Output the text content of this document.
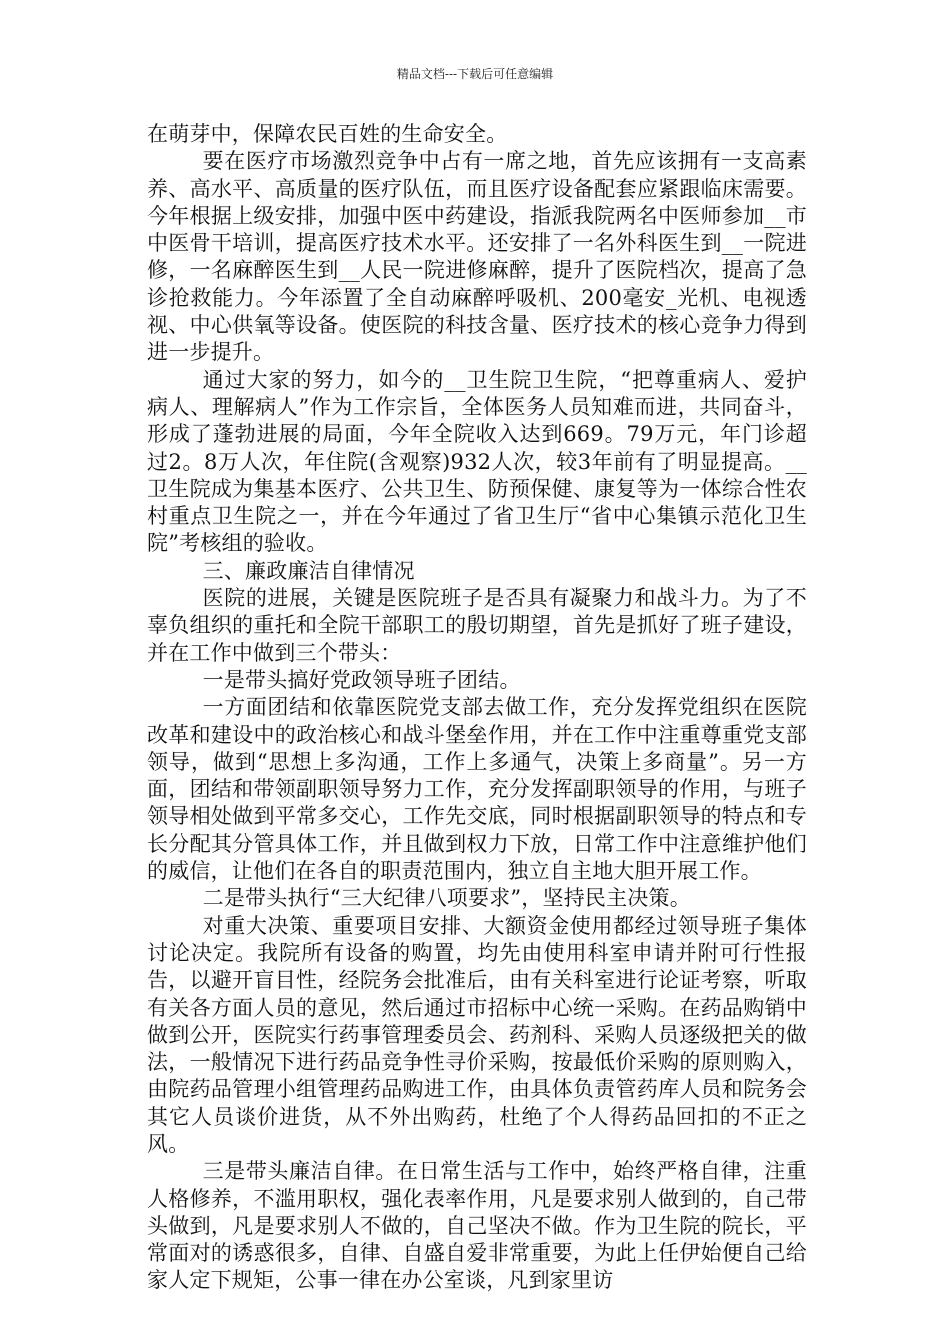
精品文档---下载后可任意编辑

在萌芽中，保障农民百姓的生命安全。

要在医疗市场激烈竞争中占有一席之地，首先应该拥有一支高素养、高水平、高质量的医疗队伍，而且医疗设备配套应紧跟临床需要。今年根据上级安排，加强中医中药建设，指派我院两名中医师参加__市中医骨干培训，提高医疗技术水平。还安排了一名外科医生到__一院进修，一名麻醉医生到__人民一院进修麻醉，提升了医院档次，提高了急诊抢救能力。今年添置了全自动麻醉呼吸机、200毫安_光机、电视透视、中心供氧等设备。使医院的科技含量、医疗技术的核心竞争力得到进一步提升。

通过大家的努力，如今的__卫生院卫生院，“把尊重病人、爱护病人、理解病人”作为工作宗旨，全体医务人员知难而进，共同奋斗，形成了蓬勃进展的局面，今年全院收入达到669。79万元，年门诊超过2。8万人次，年住院(含观察)932人次，较3年前有了明显提高。__卫生院成为集基本医疗、公共卫生、防预保健、康复等为一体综合性农村重点卫生院之一，并在今年通过了省卫生厅“省中心集镇示范化卫生院”考核组的验收。

三、廉政廉洁自律情况

医院的进展，关键是医院班子是否具有凝聚力和战斗力。为了不辜负组织的重托和全院干部职工的殷切期望，首先是抓好了班子建设，并在工作中做到三个带头：

一是带头搞好党政领导班子团结。

一方面团结和依靠医院党支部去做工作，充分发挥党组织在医院改革和建设中的政治核心和战斗堡垒作用，并在工作中注重尊重党支部领导，做到“思想上多沟通，工作上多通气，决策上多商量”。另一方面，团结和带领副职领导努力工作，充分发挥副职领导的作用，与班子领导相处做到平常多交心，工作先交底，同时根据副职领导的特点和专长分配其分管具体工作，并且做到权力下放，日常工作中注意维护他们的威信，让他们在各自的职责范围内，独立自主地大胆开展工作。

二是带头执行“三大纪律八项要求”，坚持民主决策。

对重大决策、重要项目安排、大额资金使用都经过领导班子集体讨论决定。我院所有设备的购置，均先由使用科室申请并附可行性报告，以避开盲目性，经院务会批准后，由有关科室进行论证考察，听取有关各方面人员的意见，然后通过市招标中心统一采购。在药品购销中做到公开，医院实行药事管理委员会、药剂科、采购人员逐级把关的做法，一般情况下进行药品竞争性寻价采购，按最低价采购的原则购入，由院药品管理小组管理药品购进工作，由具体负责管药库人员和院务会其它人员谈价进货，从不外出购药，杜绝了个人得药品回扣的不正之风。

三是带头廉洁自律。在日常生活与工作中，始终严格自律，注重人格修养，不滥用职权，强化表率作用，凡是要求别人做到的，自己带头做到，凡是要求别人不做的，自己坚决不做。作为卫生院的院长，平常面对的诱惑很多，自律、自盛自爱非常重要，为此上任伊始便自己给家人定下规矩，公事一律在办公室谈，凡到家里访
